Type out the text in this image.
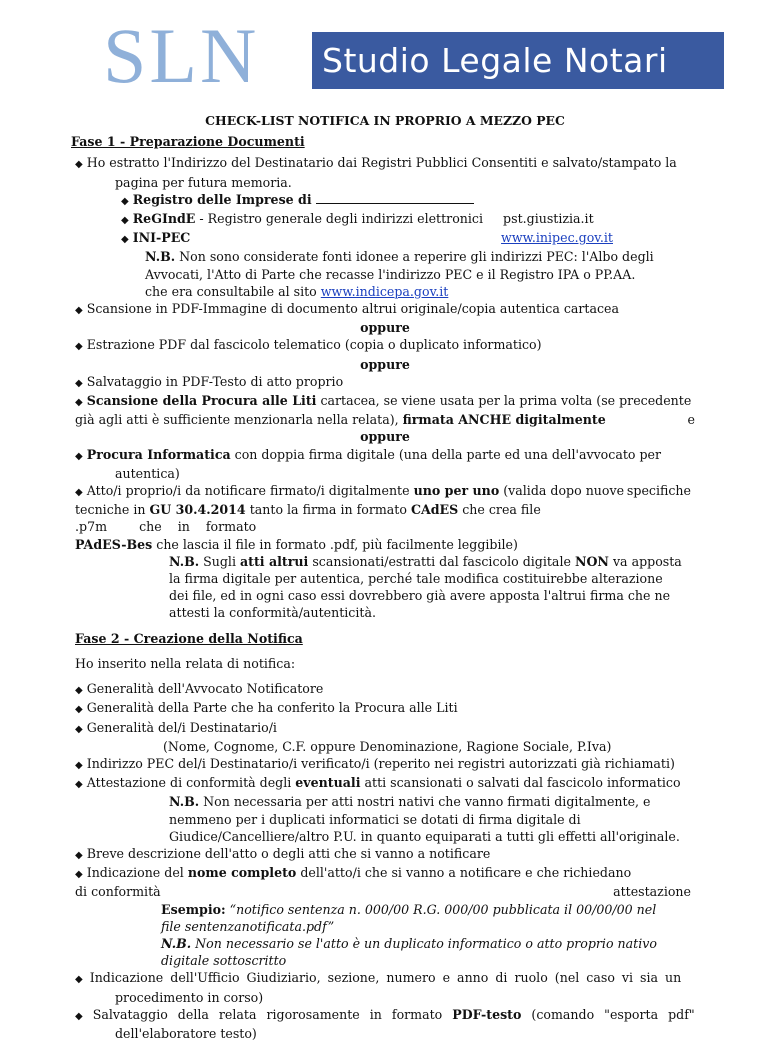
SLN	Studio Legale Notari

CHECK-LIST NOTIFICA IN PROPRIO A MEZZO PEC

Fase 1 - Preparazione Documenti

◆ Ho estratto l'Indirizzo del Destinatario dai Registri Pubblici Consentiti e salvato/stampato la

pagina per futura memoria.

◆ Registro delle Imprese di

◆ ReGIndE - Registro generale degli indirizzi elettronici pst.giustizia.it

◆ INI-PEC	www.inipec.gov.it

N.B. Non sono considerate fonti idonee a reperire gli indirizzi PEC: l'Albo degli

Avvocati, l'Atto di Parte che recasse l'indirizzo PEC e il Registro IPA o PP.AA.

che era consultabile al sito www.indicepa.gov.it

◆ Scansione in PDF-Immagine di documento altrui originale/copia autentica cartacea

oppure

◆ Estrazione PDF dal fascicolo telematico (copia o duplicato informatico)

oppure

◆ Salvataggio in PDF-Testo di atto proprio

◆ Scansione della Procura alle Liti cartacea, se viene usata per la prima volta (se precedente
e

già agli atti è sufficiente menzionarla nella relata), firmata ANCHE digitalmente

oppure

◆ Procura Informatica con doppia firma digitale (una della parte ed una dell'avvocato per

autentica)

◆ Atto/i proprio/i da notificare firmato/i digitalmente uno per uno (valida dopo nuove specifiche

tecniche in GU 30.4.2014 tanto la firma in formato CAdES che crea file .p7m	che in formato

PAdES-Bes che lascia il file in formato .pdf, più facilmente leggibile)

N.B. Sugli atti altrui scansionati/estratti dal fascicolo digitale NON va apposta

la firma digitale per autentica, perché tale modifica costituirebbe alterazione

dei file, ed in ogni caso essi dovrebbero già avere apposta l'altrui firma che ne

attesti la conformità/autenticità.

Fase 2 - Creazione della Notifica

Ho inserito nella relata di notifica:

◆ Generalità dell'Avvocato Notificatore

◆ Generalità della Parte che ha conferito la Procura alle Liti

◆ Generalità del/i Destinatario/i

(Nome, Cognome, C.F. oppure Denominazione, Ragione Sociale, P.Iva)

◆ Indirizzo PEC del/i Destinatario/i verificato/i (reperito nei registri autorizzati già richiamati)

◆ Attestazione di conformità degli eventuali atti scansionati o salvati dal fascicolo informatico

N.B. Non necessaria per atti nostri nativi che vanno firmati digitalmente, e

nemmeno per i duplicati informatici se dotati di firma digitale di

Giudice/Cancelliere/altro P.U. in quanto equiparati a tutti gli effetti all'originale.

◆ Breve descrizione dell'atto o degli atti che si vanno a notificare

◆ Indicazione del nome completo dell'atto/i che si vanno a notificare e che richiedano
attestazione

di conformità

Esempio: “notifico sentenza n. 000/00 R.G. 000/00 pubblicata il 00/00/00 nel

file sentenzanotificata.pdf”

N.B. Non necessario se l'atto è un duplicato informatico o atto proprio nativo

digitale sottoscritto

◆ Indicazione dell'Ufficio Giudiziario, sezione, numero e anno di ruolo (nel caso vi sia un

procedimento in corso)

◆ Salvataggio della relata rigorosamente in formato PDF-testo (comando "esporta pdf"

dell'elaboratore testo)
